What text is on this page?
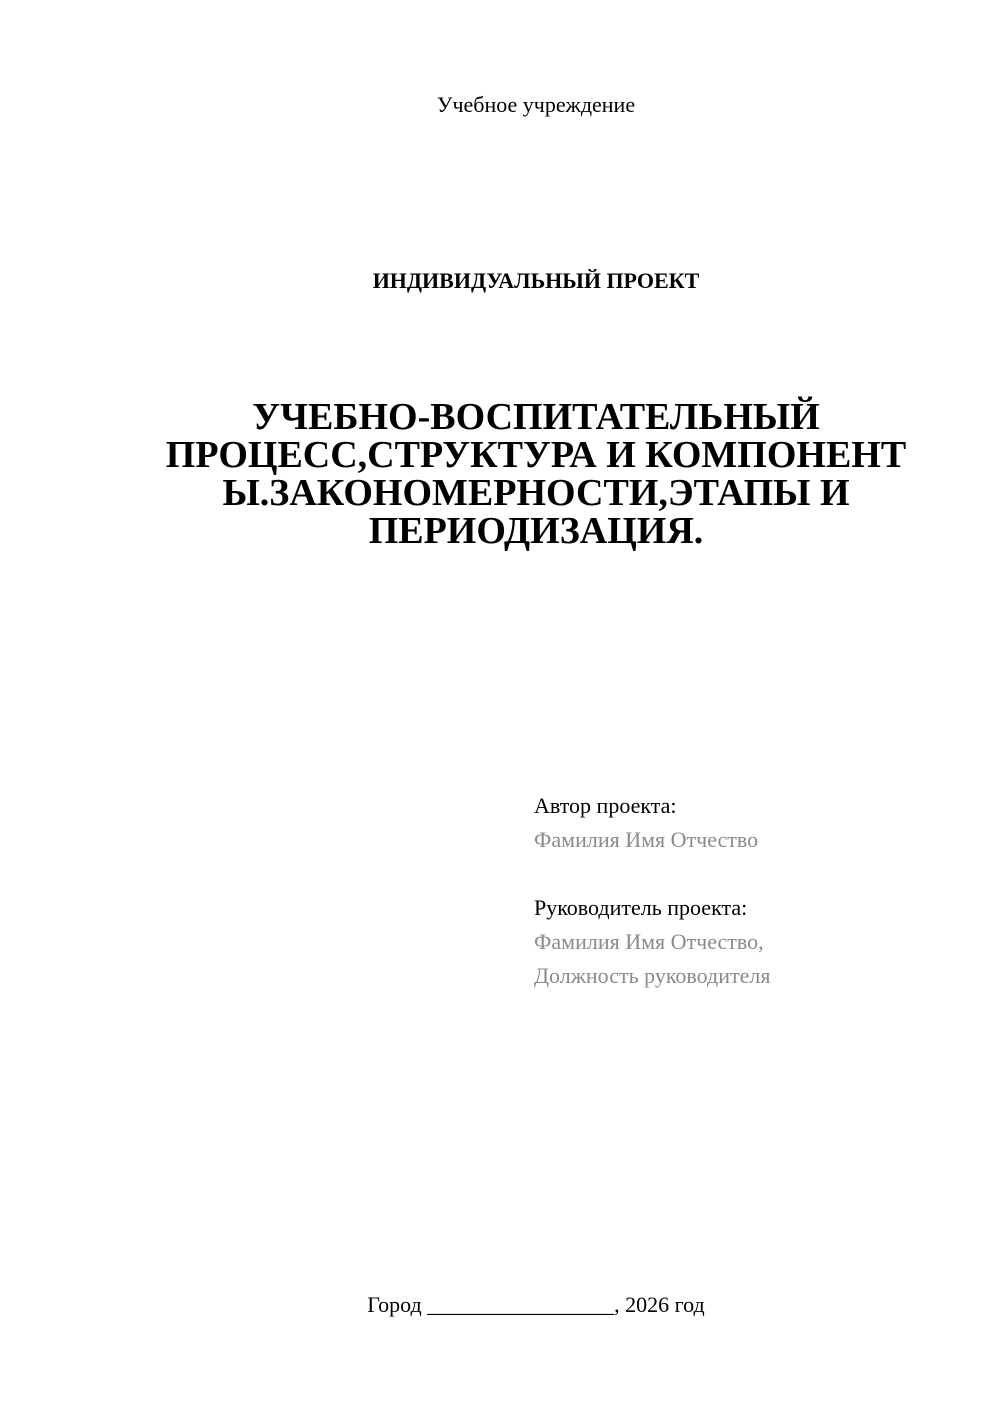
Учебное учреждение
ИНДИВИДУАЛЬНЫЙ ПРОЕКТ
УЧЕБНО-ВОСПИТАТЕЛЬНЫЙ
ПРОЦЕСС,СТРУКТУРА И КОМПОНЕНТ
Ы.ЗАКОНОМЕРНОСТИ,ЭТАПЫ И
ПЕРИОДИЗАЦИЯ.
Автор проекта:
Фамилия Имя Отчество
Руководитель проекта:
Фамилия Имя Отчество,
Должность руководителя
Город _________________, 2026 год
